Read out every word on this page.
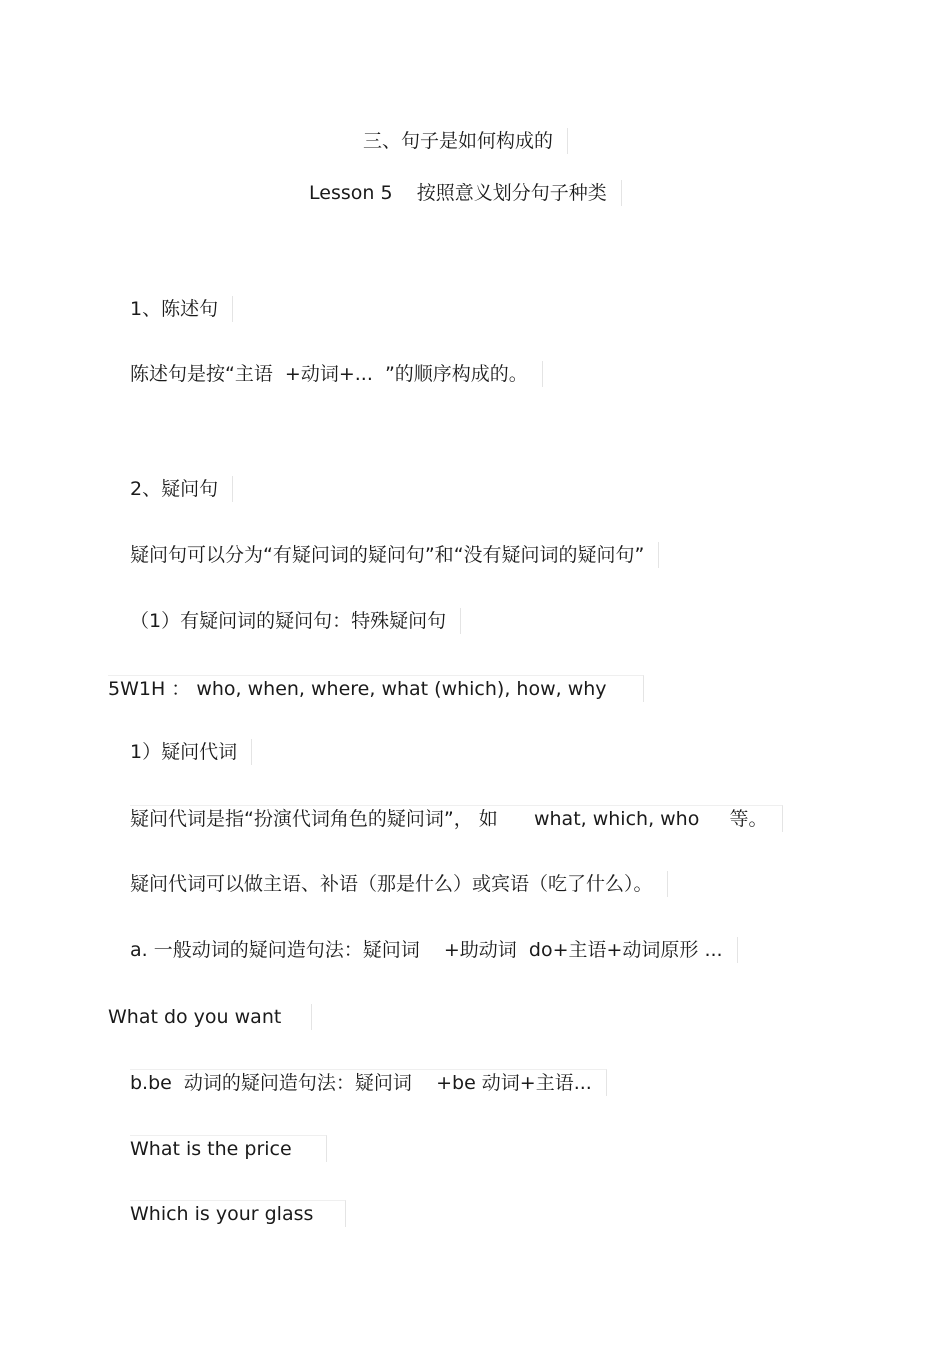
三、句子是如何构成的
Lesson 5    按照意义划分句子种类
1、陈述句
陈述句是按“主语  +动词+...  ”的顺序构成的。
2、疑问句
疑问句可以分为“有疑问词的疑问句”和“没有疑问词的疑问句”
（1）有疑问词的疑问句：特殊疑问句
5W1H ： who, when, where, what (which), how, why
1）疑问代词
疑问代词是指“扮演代词角色的疑问词”， 如      what, which, who     等。
疑问代词可以做主语、补语（那是什么）或宾语（吃了什么）。
a. 一般动词的疑问造句法：疑问词    +助动词  do+主语+动词原形 ...
What do you want
b.be  动词的疑问造句法：疑问词    +be 动词+主语...
What is the price
Which is your glass
